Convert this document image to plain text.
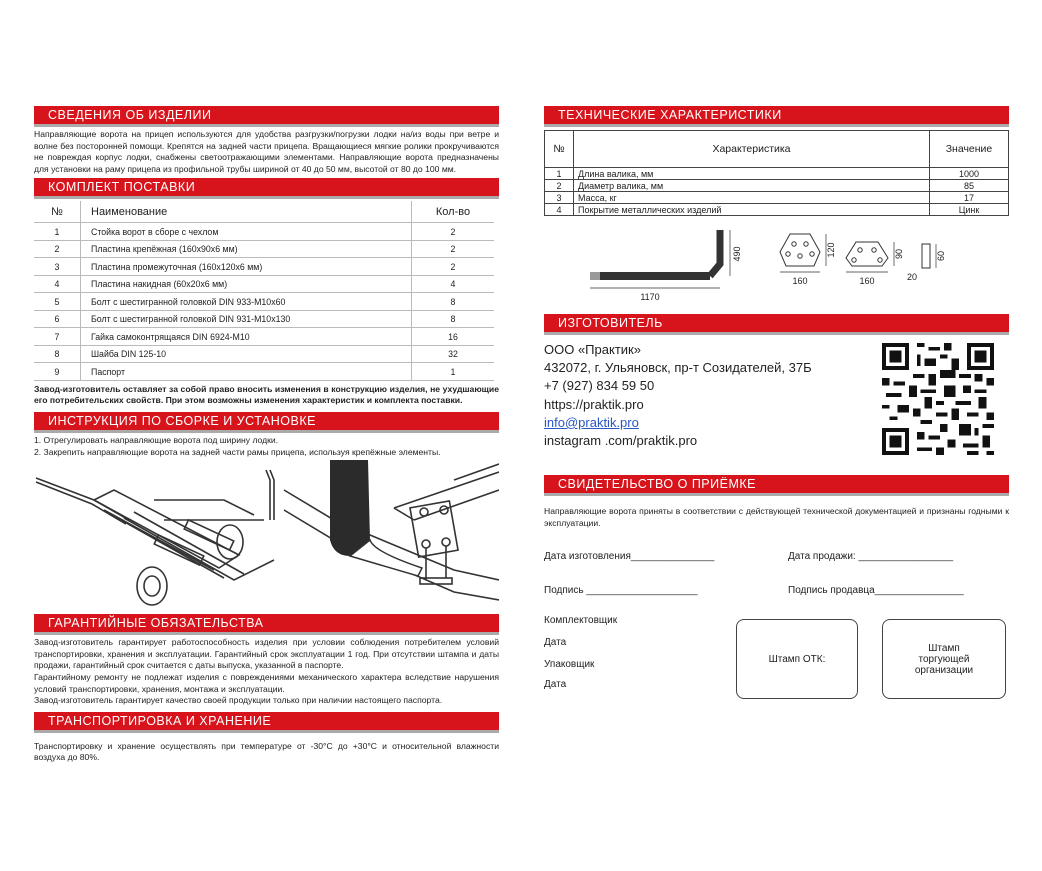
СВЕДЕНИЯ ОБ ИЗДЕЛИИ

Направляющие ворота на прицеп используются для удобства разгрузки/погрузки лодки на/из воды при ветре и волне без посторонней помощи. Крепятся на задней части прицепа. Вращающиеся мягкие ролики прокручиваются не повреждая корпус лодки, снабжены светоотражающими элементами. Направляющие ворота предназначены для установки на раму прицепа из профильной трубы шириной от 40 до 50 мм, высотой от 80 до 100 мм.

КОМПЛЕКТ ПОСТАВКИ
№	Наименование	Кол-во
1	Стойка ворот в сборе с чехлом	2
2	Пластина крепёжная (160х90х6 мм)	2
3	Пластина промежуточная (160х120х6 мм)	2
4	Пластина накидная (60х20х6 мм)	4
5	Болт с шестигранной головкой DIN 933-M10x60	8
6	Болт с шестигранной головкой DIN 931-M10x130	8
7	Гайка самоконтрящаяся DIN 6924-M10	16
8	Шайба DIN 125-10	32
9	Паспорт	1

Завод-изготовитель оставляет за собой право вносить изменения в конструкцию изделия, не ухудшающие его потребительских свойств. При этом возможны изменения характеристик и комплекта поставки.

ИНСТРУКЦИЯ ПО СБОРКЕ И УСТАНОВКЕ

1. Отрегулировать направляющие ворота под ширину лодки.

2. Закрепить направляющие ворота на задней части рамы прицепа, используя крепёжные элементы.

ГАРАНТИЙНЫЕ ОБЯЗАТЕЛЬСТВА

Завод-изготовитель гарантирует работоспособность изделия при условии соблюдения потребителем условий транспортировки, хранения и эксплуатации. Гарантийный срок эксплуатации 1 год. При отсутствии штампа и даты продажи, гарантийный срок считается с даты выпуска, указанной в паспорте.

Гарантийному ремонту не подлежат изделия с повреждениями механического характера вследствие нарушения условий транспортировки, хранения, монтажа и эксплуатации.

Завод-изготовитель гарантирует качество своей продукции только при наличии настоящего паспорта.

ТРАНСПОРТИРОВКА И ХРАНЕНИЕ

Транспортировку и хранение осуществлять при температуре от -30°С до +30°С и относительной влажности воздуха до 80%.

ТЕХНИЧЕСКИЕ ХАРАКТЕРИСТИКИ
№	Характеристика	Значение
1	Длина валика, мм	1000
2	Диаметр валика, мм	85
3	Масса, кг	17
4	Покрытие металлических изделий	Цинк
490
1170
120
160
90
160
60
20
ИЗГОТОВИТЕЛЬ
ООО «Практик»
432072, г. Ульяновск, пр-т Созидателей, 37Б
+7 (927) 834 59 50
https://praktik.pro
info@praktik.pro
instagram .com/praktik.pro
СВИДЕТЕЛЬСТВО О ПРИЁМКЕ

Направляющие ворота приняты в соответствии с действующей технической документацией и признаны годными к эксплуатации.

Дата изготовления_______________	Дата продажи: _________________
Подпись ____________________	Подпись продавца________________
Комплектовщик
Дата
Упаковщик
Дата
Штамп ОТК:
Штамп
торгующей
организации
